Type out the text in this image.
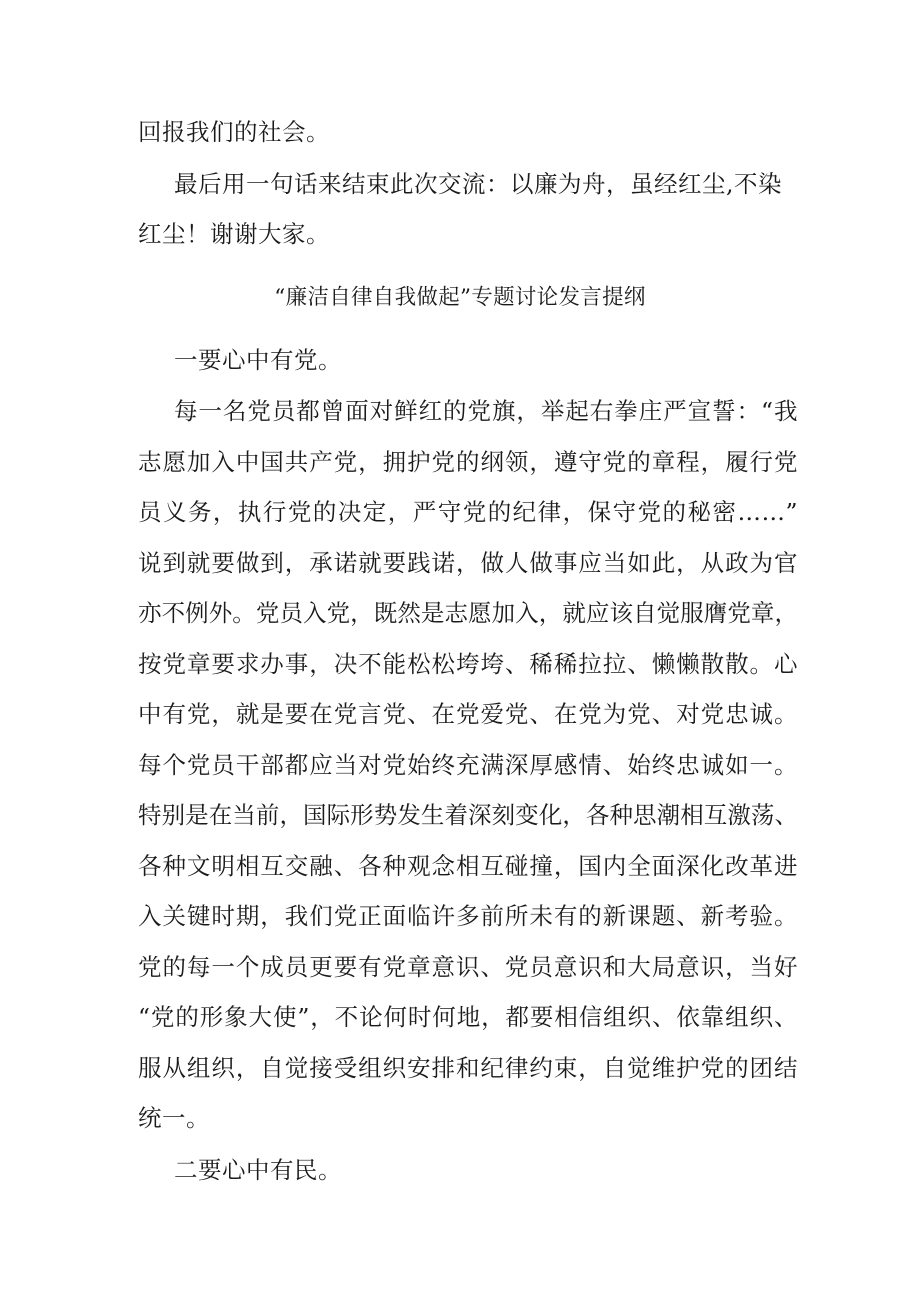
回报我们的社会。
最后用一句话来结束此次交流：以廉为舟，虽经红尘,不染
红尘！谢谢大家。
“廉洁自律自我做起”专题讨论发言提纲
一要心中有党。
每一名党员都曾面对鲜红的党旗，举起右拳庄严宣誓：“我
志愿加入中国共产党，拥护党的纲领，遵守党的章程，履行党
员义务，执行党的决定，严守党的纪律，保守党的秘密……”
说到就要做到，承诺就要践诺，做人做事应当如此，从政为官
亦不例外。党员入党，既然是志愿加入，就应该自觉服膺党章，
按党章要求办事，决不能松松垮垮、稀稀拉拉、懒懒散散。心
中有党，就是要在党言党、在党爱党、在党为党、对党忠诚。
每个党员干部都应当对党始终充满深厚感情、始终忠诚如一。
特别是在当前，国际形势发生着深刻变化，各种思潮相互激荡、
各种文明相互交融、各种观念相互碰撞，国内全面深化改革进
入关键时期，我们党正面临许多前所未有的新课题、新考验。
党的每一个成员更要有党章意识、党员意识和大局意识，当好
“党的形象大使”，不论何时何地，都要相信组织、依靠组织、
服从组织，自觉接受组织安排和纪律约束，自觉维护党的团结
统一。
二要心中有民。
